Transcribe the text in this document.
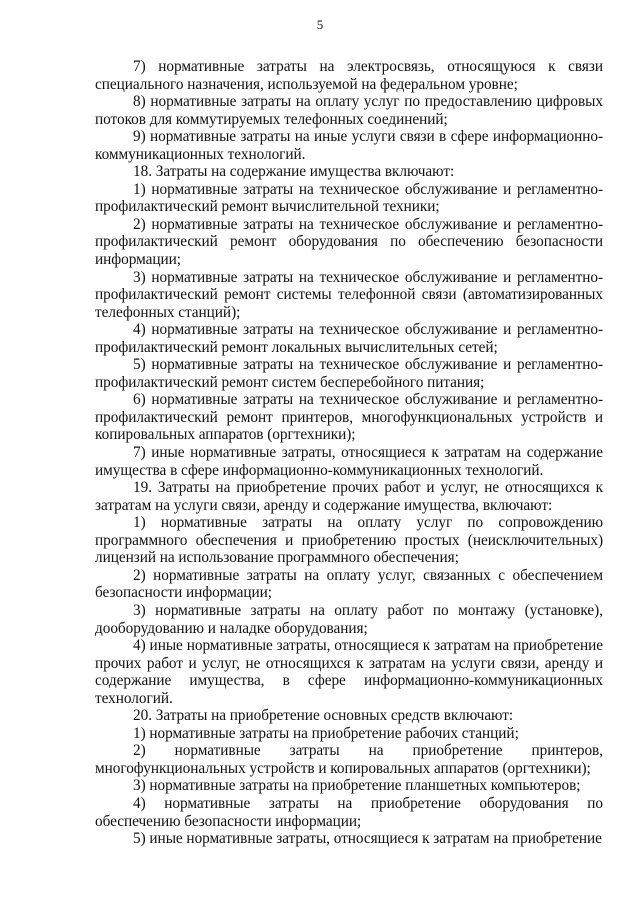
5

7) нормативные затраты на электросвязь, относящуюся к связи специального назначения, используемой на федеральном уровне;

8) нормативные затраты на оплату услуг по предоставлению цифровых потоков для коммутируемых телефонных соединений;

9) нормативные затраты на иные услуги связи в сфере информационно-коммуникационных технологий.

18. Затраты на содержание имущества включают:

1) нормативные затраты на техническое обслуживание и регламентно-профилактический ремонт вычислительной техники;

2) нормативные затраты на техническое обслуживание и регламентно-профилактический ремонт оборудования по обеспечению безопасности информации;

3) нормативные затраты на техническое обслуживание и регламентно-профилактический ремонт системы телефонной связи (автоматизированных телефонных станций);

4) нормативные затраты на техническое обслуживание и регламентно-профилактический ремонт локальных вычислительных сетей;

5) нормативные затраты на техническое обслуживание и регламентно-профилактический ремонт систем бесперебойного питания;

6) нормативные затраты на техническое обслуживание и регламентно-профилактический ремонт принтеров, многофункциональных устройств и копировальных аппаратов (оргтехники);

7) иные нормативные затраты, относящиеся к затратам на содержание имущества в сфере информационно-коммуникационных технологий.

19. Затраты на приобретение прочих работ и услуг, не относящихся к затратам на услуги связи, аренду и содержание имущества, включают:

1) нормативные затраты на оплату услуг по сопровождению программного обеспечения и приобретению простых (неисключительных) лицензий на использование программного обеспечения;

2) нормативные затраты на оплату услуг, связанных с обеспечением безопасности информации;

3) нормативные затраты на оплату работ по монтажу (установке), дооборудованию и наладке оборудования;

4) иные нормативные затраты, относящиеся к затратам на приобретение прочих работ и услуг, не относящихся к затратам на услуги связи, аренду и содержание имущества, в сфере информационно-коммуникационных технологий.

20. Затраты на приобретение основных средств включают:

1) нормативные затраты на приобретение рабочих станций;

2) нормативные затраты на приобретение принтеров, многофункциональных устройств и копировальных аппаратов (оргтехники);

3) нормативные затраты на приобретение планшетных компьютеров;

4) нормативные затраты на приобретение оборудования по обеспечению безопасности информации;

5) иные нормативные затраты, относящиеся к затратам на приобретение
